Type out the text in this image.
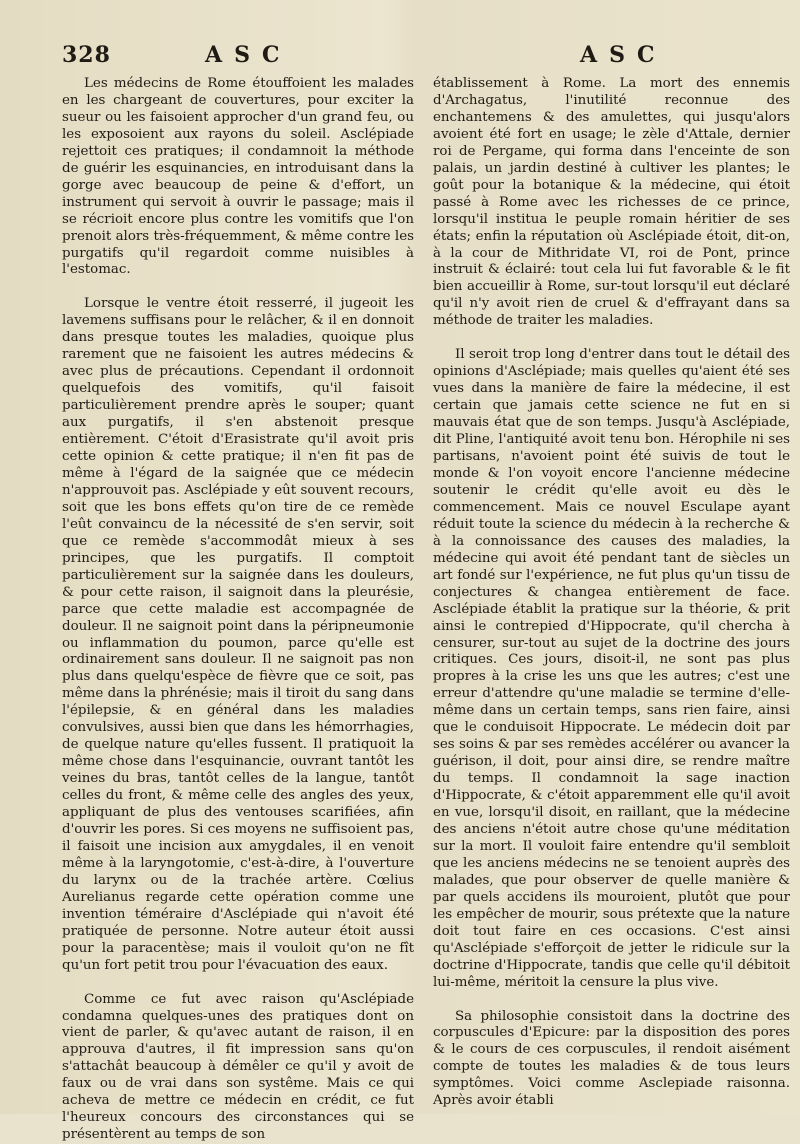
328	ASC	ASC

Les médecins de Rome étouffoient les malades en les chargeant de couvertures, pour exciter la sueur ou les faisoient approcher d'un grand feu, ou les exposoient aux rayons du soleil. Asclépiade rejettoit ces pratiques; il condamnoit la méthode de guérir les esquinancies, en introduisant dans la gorge avec beaucoup de peine & d'effort, un instrument qui servoit à ouvrir le passage; mais il se récrioit encore plus contre les vomitifs que l'on prenoit alors très-fréquemment, & même contre les purgatifs qu'il regardoit comme nuisibles à l'estomac.

Lorsque le ventre étoit resserré, il jugeoit les lavemens suffisans pour le relâcher, & il en donnoit dans presque toutes les maladies, quoique plus rarement que ne faisoient les autres médecins & avec plus de précautions. Cependant il ordonnoit quelquefois des vomitifs, qu'il faisoit particulièrement prendre après le souper; quant aux purgatifs, il s'en abstenoit presque entièrement. C'étoit d'Erasistrate qu'il avoit pris cette opinion & cette pratique; il n'en fit pas de même à l'égard de la saignée que ce médecin n'approuvoit pas. Asclépiade y eût souvent recours, soit que les bons effets qu'on tire de ce remède l'eût convaincu de la nécessité de s'en servir, soit que ce remède s'accommodât mieux à ses principes, que les purgatifs. Il comptoit particulièrement sur la saignée dans les douleurs, & pour cette raison, il saignoit dans la pleurésie, parce que cette maladie est accompagnée de douleur. Il ne saignoit point dans la péripneumonie ou inflammation du poumon, parce qu'elle est ordinairement sans douleur. Il ne saignoit pas non plus dans quelqu'espèce de fièvre que ce soit, pas même dans la phrénésie; mais il tiroit du sang dans l'épilepsie, & en général dans les maladies convulsives, aussi bien que dans les hémorrhagies, de quelque nature qu'elles fussent. Il pratiquoit la même chose dans l'esquinancie, ouvrant tantôt les veines du bras, tantôt celles de la langue, tantôt celles du front, & même celle des angles des yeux, appliquant de plus des ventouses scarifiées, afin d'ouvrir les pores. Si ces moyens ne suffisoient pas, il faisoit une incision aux amygdales, il en venoit même à la laryngotomie, c'est-à-dire, à l'ouverture du larynx ou de la trachée artère. Cœlius Aurelianus regarde cette opération comme une invention téméraire d'Asclépiade qui n'avoit été pratiquée de personne. Notre auteur étoit aussi pour la paracentèse; mais il vouloit qu'on ne fît qu'un fort petit trou pour l'évacuation des eaux.

Comme ce fut avec raison qu'Asclépiade condamna quelques-unes des pratiques dont on vient de parler, & qu'avec autant de raison, il en approuva d'autres, il fit impression sans qu'on s'attachât beaucoup à démêler ce qu'il y avoit de faux ou de vrai dans son systême. Mais ce qui acheva de mettre ce médecin en crédit, ce fut l'heureux concours des circonstances qui se présentèrent au temps de son

établissement à Rome. La mort des ennemis d'Archagatus, l'inutilité reconnue des enchantemens & des amulettes, qui jusqu'alors avoient été fort en usage; le zèle d'Attale, dernier roi de Pergame, qui forma dans l'enceinte de son palais, un jardin destiné à cultiver les plantes; le goût pour la botanique & la médecine, qui étoit passé à Rome avec les richesses de ce prince, lorsqu'il institua le peuple romain héritier de ses états; enfin la réputation où Asclépiade étoit, dit-on, à la cour de Mithridate VI, roi de Pont, prince instruit & éclairé: tout cela lui fut favorable & le fit bien accueillir à Rome, sur-tout lorsqu'il eut déclaré qu'il n'y avoit rien de cruel & d'effrayant dans sa méthode de traiter les maladies.

Il seroit trop long d'entrer dans tout le détail des opinions d'Asclépiade; mais quelles qu'aient été ses vues dans la manière de faire la médecine, il est certain que jamais cette science ne fut en si mauvais état que de son temps. Jusqu'à Asclépiade, dit Pline, l'antiquité avoit tenu bon. Hérophile ni ses partisans, n'avoient point été suivis de tout le monde & l'on voyoit encore l'ancienne médecine soutenir le crédit qu'elle avoit eu dès le commencement. Mais ce nouvel Esculape ayant réduit toute la science du médecin à la recherche & à la connoissance des causes des maladies, la médecine qui avoit été pendant tant de siècles un art fondé sur l'expérience, ne fut plus qu'un tissu de conjectures & changea entièrement de face. Asclépiade établit la pratique sur la théorie, & prit ainsi le contrepied d'Hippocrate, qu'il chercha à censurer, sur-tout au sujet de la doctrine des jours critiques. Ces jours, disoit-il, ne sont pas plus propres à la crise les uns que les autres; c'est une erreur d'attendre qu'une maladie se termine d'elle-même dans un certain temps, sans rien faire, ainsi que le conduisoit Hippocrate. Le médecin doit par ses soins & par ses remèdes accélérer ou avancer la guérison, il doit, pour ainsi dire, se rendre maître du temps. Il condamnoit la sage inaction d'Hippocrate, & c'étoit apparemment elle qu'il avoit en vue, lorsqu'il disoit, en raillant, que la médecine des anciens n'étoit autre chose qu'une méditation sur la mort. Il vouloit faire entendre qu'il sembloit que les anciens médecins ne se tenoient auprès des malades, que pour observer de quelle manière & par quels accidens ils mouroient, plutôt que pour les empêcher de mourir, sous prétexte que la nature doit tout faire en ces occasions. C'est ainsi qu'Asclépiade s'efforçoit de jetter le ridicule sur la doctrine d'Hippocrate, tandis que celle qu'il débitoit lui-même, méritoit la censure la plus vive.

Sa philosophie consistoit dans la doctrine des corpuscules d'Epicure: par la disposition des pores & le cours de ces corpuscules, il rendoit aisément compte de toutes les maladies & de tous leurs symptômes. Voici comme Asclepiade raisonna. Après avoir établi
